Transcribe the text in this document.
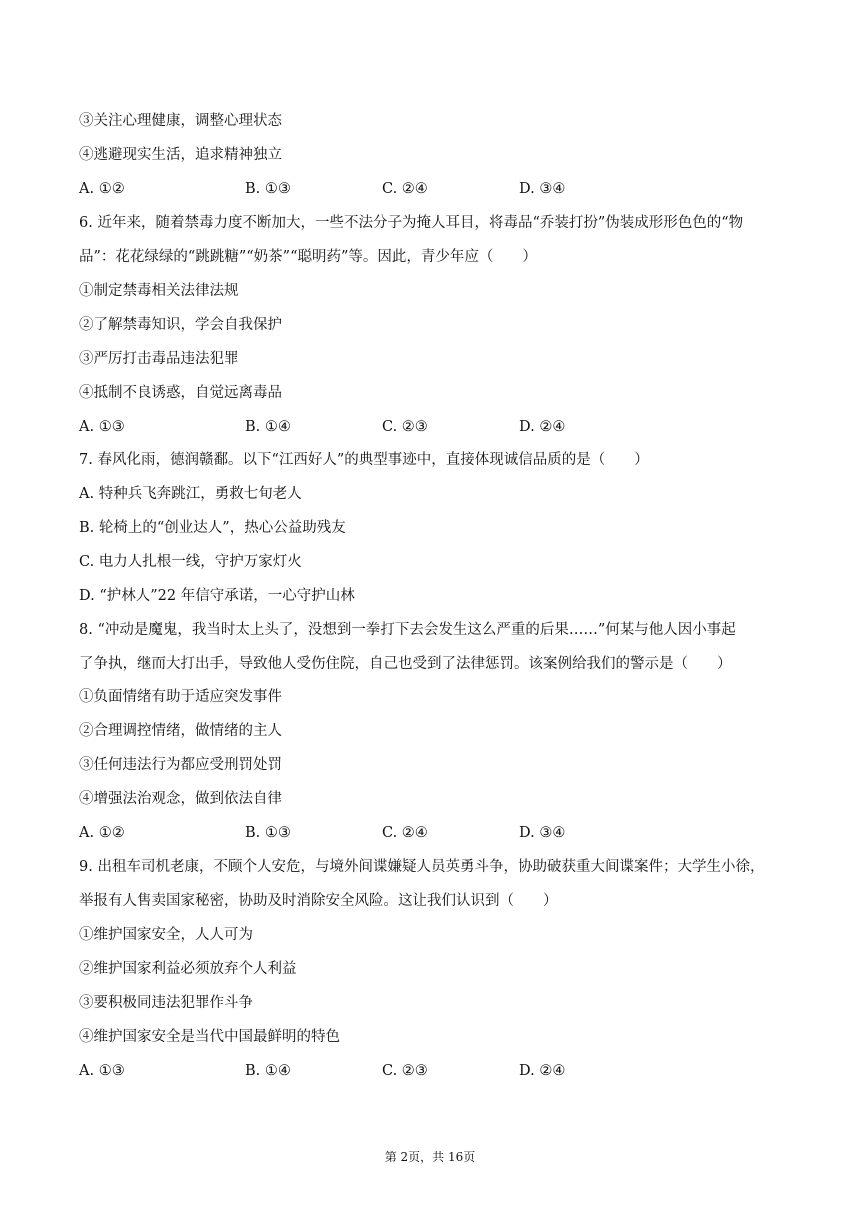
③关注心理健康，调整心理状态
④逃避现实生活，追求精神独立
A. ①②	B. ①③	C. ②④	D. ③④
6. 近年来，随着禁毒力度不断加大，一些不法分子为掩人耳目，将毒品“乔装打扮”伪装成形形色色的“物
品”：花花绿绿的“跳跳糖”“奶茶”“聪明药”等。因此，青少年应（　　）
①制定禁毒相关法律法规
②了解禁毒知识，学会自我保护
③严厉打击毒品违法犯罪
④抵制不良诱惑，自觉远离毒品
A. ①③	B. ①④	C. ②③	D. ②④
7. 春风化雨，德润赣鄱。以下“江西好人”的典型事迹中，直接体现诚信品质的是（　　）
A. 特种兵飞奔跳江，勇救七旬老人
B. 轮椅上的“创业达人”，热心公益助残友
C. 电力人扎根一线，守护万家灯火
D. “护林人”22 年信守承诺，一心守护山林
8. “冲动是魔鬼，我当时太上头了，没想到一拳打下去会发生这么严重的后果……”何某与他人因小事起
了争执，继而大打出手，导致他人受伤住院，自己也受到了法律惩罚。该案例给我们的警示是（　　）
①负面情绪有助于适应突发事件
②合理调控情绪，做情绪的主人
③任何违法行为都应受刑罚处罚
④增强法治观念，做到依法自律
A. ①②	B. ①③	C. ②④	D. ③④
9. 出租车司机老康，不顾个人安危，与境外间谍嫌疑人员英勇斗争，协助破获重大间谍案件；大学生小徐，
举报有人售卖国家秘密，协助及时消除安全风险。这让我们认识到（　　）
①维护国家安全，人人可为
②维护国家利益必须放弃个人利益
③要积极同违法犯罪作斗争
④维护国家安全是当代中国最鲜明的特色
A. ①③	B. ①④	C. ②③	D. ②④
第 2页，共 16页
